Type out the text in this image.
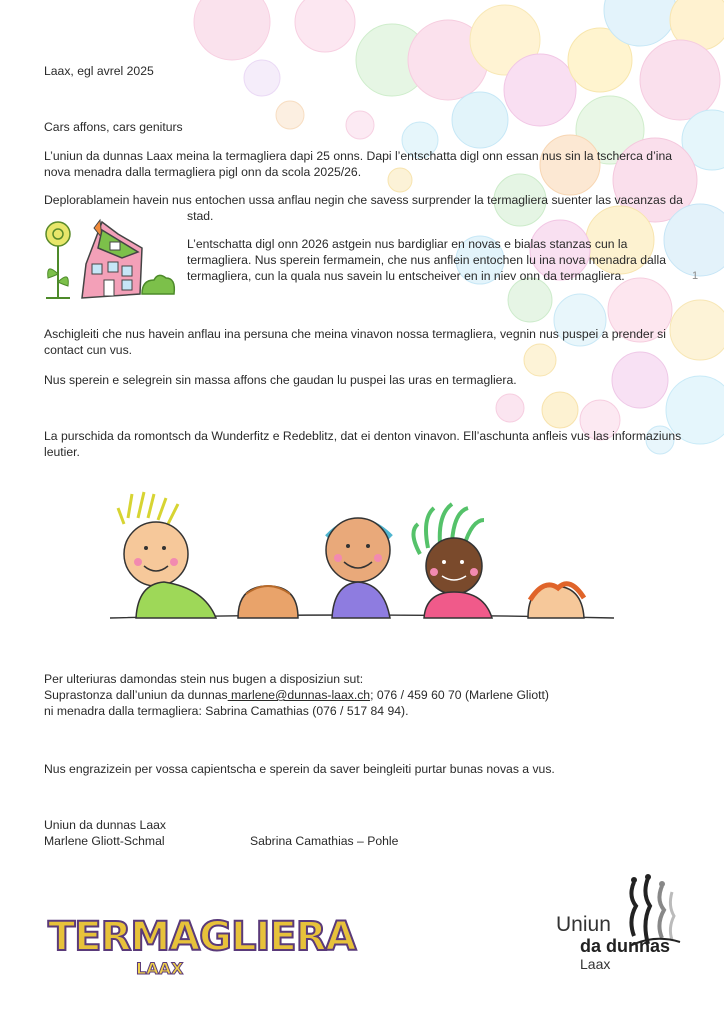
Laax, egl avrel 2025

Cars affons, cars geniturs

L’uniun da dunnas Laax meina la termagliera dapi 25 onns. Dapi l’entschatta digl onn essan nus sin la tscherca d’ina nova menadra dalla termagliera pigl onn da scola 2025/26.

Deplorablamein havein nus entochen ussa anflau negin che savess surprender la termagliera suenter las vacanzas da

stad.

L’entschatta digl onn 2026 astgein nus bardigliar en novas e bialas stanzas cun la termagliera. Nus sperein fermamein, che nus anflein entochen lu ina nova menadra dalla termagliera, cun la quala nus savein lu entscheiver en in niev onn da termagliera.	1

Aschigleiti che nus havein anflau ina persuna che meina vinavon nossa termagliera, vegnin nus puspei a prender si contact cun vus.

Nus sperein e selegrein sin massa affons che gaudan lu puspei las uras en termagliera.

La purschida da romontsch da Wunderfitz e Redeblitz, dat ei denton vinavon. Ell’aschunta anfleis vus las informaziuns leutier.

Per ulteriuras damondas stein nus bugen a disposiziun sut:

Suprastonza dall’uniun da dunnas marlene@dunnas-laax.ch; 076 / 459 60 70 (Marlene Gliott)

ni menadra dalla termagliera: Sabrina Camathias (076 / 517 84 94).

Nus engrazizein per vossa capientscha e sperein da saver beingleiti purtar bunas novas a vus.

Uniun da dunnas Laax

Marlene Gliott-Schmal	Sabrina Camathias – Pohle

TERMAGLIERA
LAAX
Uniun
da dunnas
Laax
